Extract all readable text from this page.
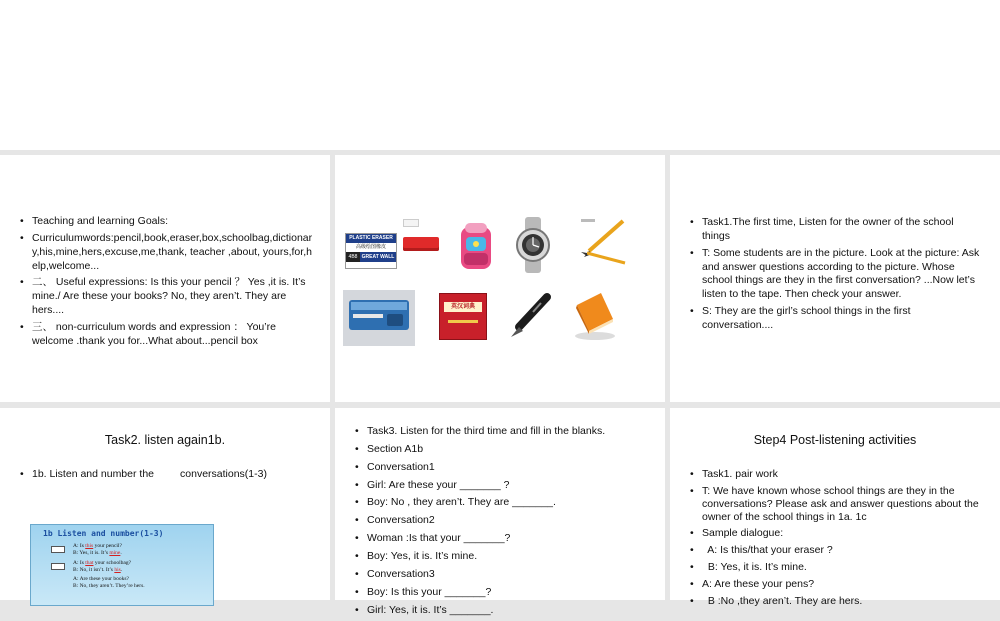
• Teaching and learning Goals:
• Curriculumwords:pencil,book,eraser,box,schoolbag,dictionary,his,mine,hers,excuse,me,thank, teacher ,about, yours,for,help,welcome...
• 二、 Useful expressions: Is this your pencil ？ Yes ,it is. It’s mine./ Are these your books? No, they aren’t. They are hers....
• 三、 non-curriculum words and expression ： You’re welcome .thank you for...What about...pencil box
PLASTIC ERASER
高级绘图橡皮
4B8 GREAT WALL
英汉词典
• Task1.The first time, Listen for the owner of the school things
• T: Some students are in the picture. Look at the picture: Ask and answer questions according to the picture. Whose school things are they in the first conversation? ...Now let’s listen to the tape. Then check your answer.
• S: They are the girl’s school things in the first conversation....
Task2. listen again1b.
• 1b. Listen and number the conversations(1-3)
1b Listen and number(1-3)
A: Is this your pencil?
B: Yes, it is. It’s mine.
A: Is that your schoolbag?
B: No, it isn’t. It’s his.
A: Are these your books?
B: No, they aren’t. They’re hers.
• Task3. Listen for the third time and fill in the blanks.
• Section A1b
• Conversation1
• Girl: Are these your _______ ?
• Boy: No , they aren’t. They are _______.
• Conversation2
• Woman :Is that your _______?
• Boy: Yes, it is. It’s mine.
• Conversation3
• Boy: Is this your _______?
• Girl: Yes, it is. It’s _______.
Step4 Post-listening activities
• Task1. pair work
• T: We have known whose school things are they in the conversations? Please ask and answer questions about the owner of the school things in 1a. 1c
• Sample dialogue:
•   A: Is this/that your eraser ?
•   B: Yes, it is. It’s mine.
• A: Are these your pens?
•   B :No ,they aren’t. They are hers.
